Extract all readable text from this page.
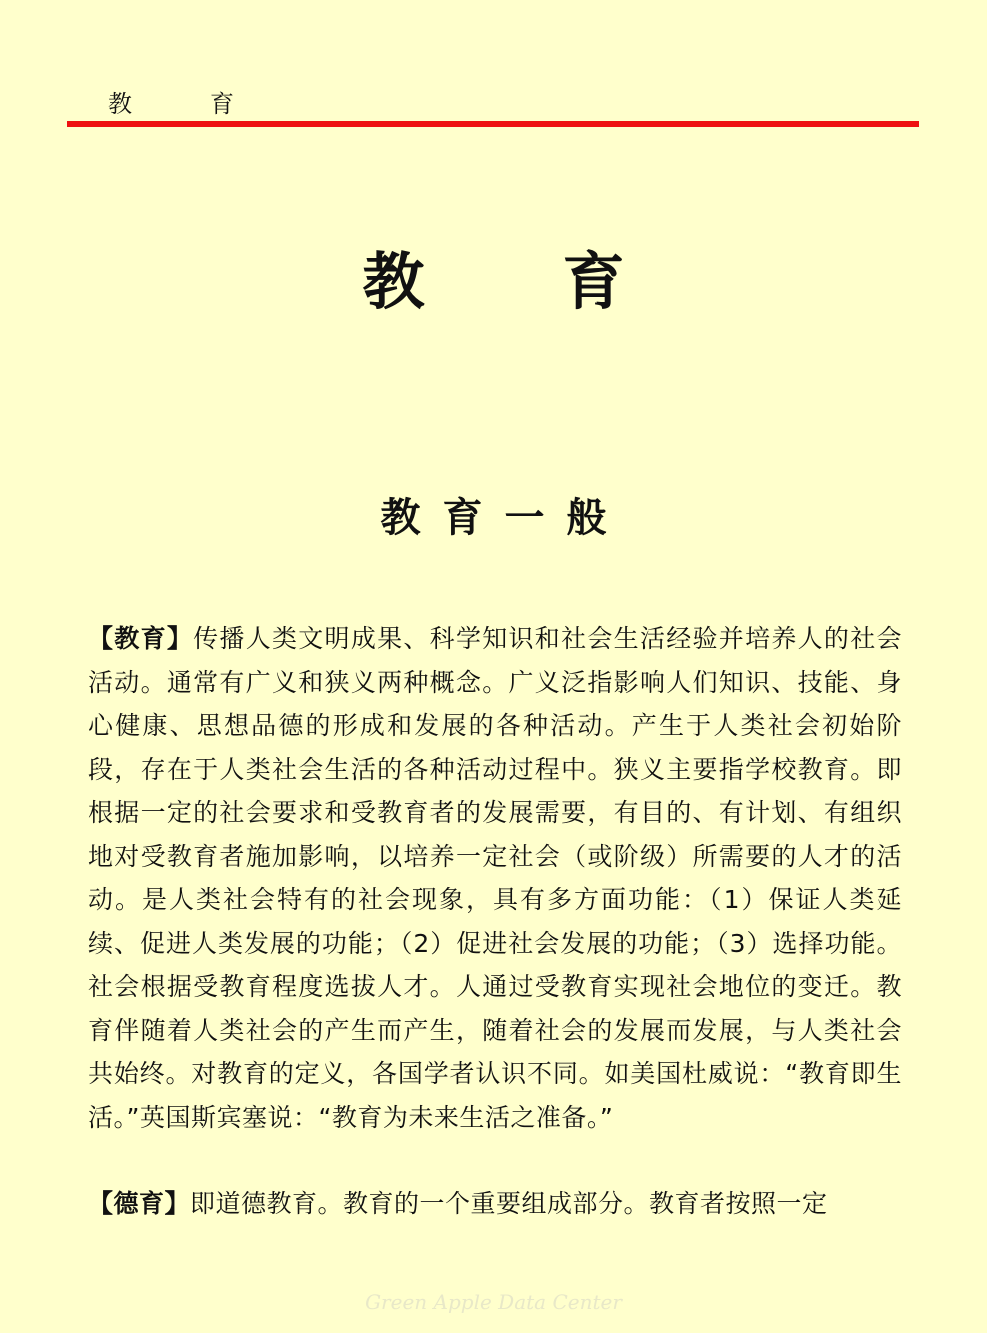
教	育
教育
教育一般

【教育】传播人类文明成果、科学知识和社会生活经验并培养人的社会活动。通常有广义和狭义两种概念。广义泛指影响人们知识、技能、身心健康、思想品德的形成和发展的各种活动。产生于人类社会初始阶段，存在于人类社会生活的各种活动过程中。狭义主要指学校教育。即根据一定的社会要求和受教育者的发展需要，有目的、有计划、有组织地对受教育者施加影响，以培养一定社会（或阶级）所需要的人才的活动。是人类社会特有的社会现象，具有多方面功能：（1）保证人类延续、促进人类发展的功能；（2）促进社会发展的功能；（3）选择功能。社会根据受教育程度选拔人才。人通过受教育实现社会地位的变迁。教育伴随着人类社会的产生而产生，随着社会的发展而发展，与人类社会共始终。对教育的定义，各国学者认识不同。如美国杜威说：“教育即生活。”英国斯宾塞说：“教育为未来生活之准备。”

【德育】即道德教育。教育的一个重要组成部分。教育者按照一定

Green Apple Data Center
